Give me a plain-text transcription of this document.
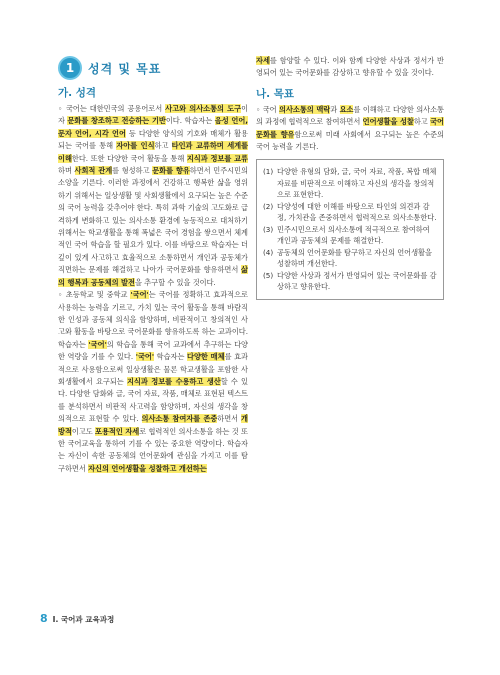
1	성격 및 목표
가. 성격

◦ 국어는 대한민국의 공용어로서 사고와 의사소통의 도구이자 문화를 창조하고 전승하는 기반이다. 학습자는 음성 언어, 문자 언어, 시각 언어 등 다양한 양식의 기호와 매체가 활용되는 국어를 통해 자아를 인식하고 타인과 교류하며 세계를 이해한다. 또한 다양한 국어 활동을 통해 지식과 정보를 교류하며 사회적 관계를 형성하고 문화를 향유하면서 민주시민의 소양을 기른다. 이러한 과정에서 건강하고 행복한 삶을 영위하기 위해서는 일상생활 및 사회생활에서 요구되는 높은 수준의 국어 능력을 갖추어야 한다. 특히 과학 기술의 고도화로 급격하게 변화하고 있는 의사소통 환경에 능동적으로 대처하기 위해서는 학교생활을 통해 폭넓은 국어 경험을 쌓으면서 체계적인 국어 학습을 할 필요가 있다. 이를 바탕으로 학습자는 더 깊이 있게 사고하고 효율적으로 소통하면서 개인과 공동체가 직면하는 문제를 해결하고 나아가 국어문화를 향유하면서 삶의 행복과 공동체의 발전을 추구할 수 있을 것이다.

◦ 초등학교 및 중학교 '국어'는 국어를 정확하고 효과적으로 사용하는 능력을 기르고, 가치 있는 국어 활동을 통해 바람직한 인성과 공동체 의식을 함양하며, 비판적이고 창의적인 사고와 활동을 바탕으로 국어문화를 향유하도록 하는 교과이다. 학습자는 '국어'의 학습을 통해 국어 교과에서 추구하는 다양한 역량을 기를 수 있다. '국어' 학습자는 다양한 매체를 효과적으로 사용함으로써 일상생활은 물론 학교생활을 포함한 사회생활에서 요구되는 지식과 정보를 수용하고 생산할 수 있다. 다양한 담화와 글, 국어 자료, 작품, 매체로 표현된 텍스트를 분석하면서 비판적 사고력을 함양하며, 자신의 생각을 창의적으로 표현할 수 있다. 의사소통 참여자를 존중하면서 개방적이고도 포용적인 자세로 협력적인 의사소통을 하는 것 또한 국어교육을 통하여 기를 수 있는 중요한 역량이다. 학습자는 자신이 속한 공동체의 언어문화에 관심을 가지고 이를 탐구하면서 자신의 언어생활을 성찰하고 개선하는

자세를 함양할 수 있다. 이와 함께 다양한 사상과 정서가 반영되어 있는 국어문화를 감상하고 향유할 수 있을 것이다.

나. 목표

◦ 국어 의사소통의 맥락과 요소를 이해하고 다양한 의사소통의 과정에 협력적으로 참여하면서 언어생활을 성찰하고 국어문화를 향유함으로써 미래 사회에서 요구되는 높은 수준의 국어 능력을 기른다.

(1) 다양한 유형의 담화, 글, 국어 자료, 작품, 복합 매체 자료를 비판적으로 이해하고 자신의 생각을 창의적으로 표현한다.
(2) 다양성에 대한 이해를 바탕으로 타인의 의견과 감정, 가치관을 존중하면서 협력적으로 의사소통한다.
(3) 민주시민으로서 의사소통에 적극적으로 참여하여 개인과 공동체의 문제를 해결한다.
(4) 공동체의 언어문화를 탐구하고 자신의 언어생활을 성찰하며 개선한다.
(5) 다양한 사상과 정서가 반영되어 있는 국어문화를 감상하고 향유한다.
8 Ⅰ. 국어과 교육과정
